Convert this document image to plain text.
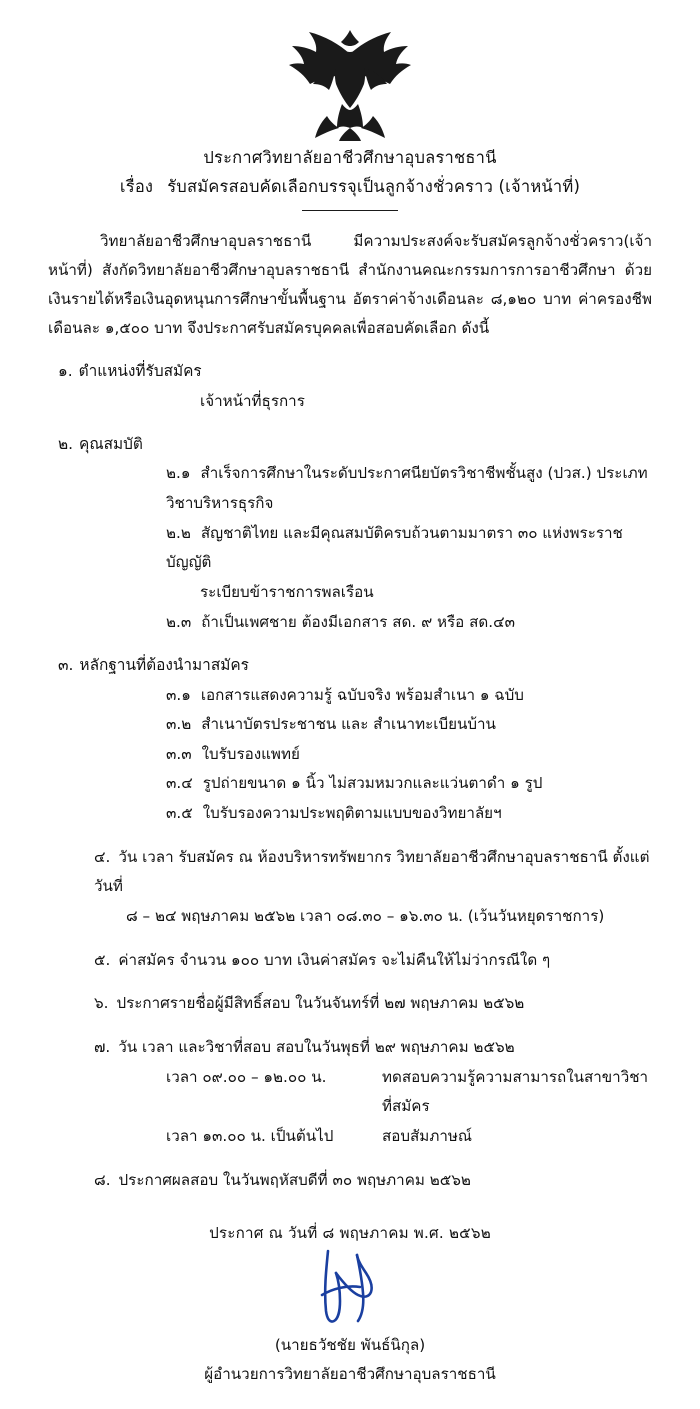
ประกาศวิทยาลัยอาชีวศึกษาอุบลราชธานี
เรื่อง รับสมัครสอบคัดเลือกบรรจุเป็นลูกจ้างชั่วคราว (เจ้าหน้าที่)

วิทยาลัยอาชีวศึกษาอุบลราชธานี มีความประสงค์จะรับสมัครลูกจ้างชั่วคราว(เจ้าหน้าที่) สังกัดวิทยาลัยอาชีวศึกษาอุบลราชธานี สำนักงานคณะกรรมการการอาชีวศึกษา ด้วยเงินรายได้หรือเงินอุดหนุนการศึกษาขั้นพื้นฐาน อัตราค่าจ้างเดือนละ ๘,๑๒๐ บาท ค่าครองชีพเดือนละ ๑,๕๐๐ บาท จึงประกาศรับสมัครบุคคลเพื่อสอบคัดเลือก ดังนี้

๑. ตำแหน่งที่รับสมัคร
เจ้าหน้าที่ธุรการ
๒. คุณสมบัติ
๒.๑ สำเร็จการศึกษาในระดับประกาศนียบัตรวิชาชีพชั้นสูง (ปวส.) ประเภทวิชาบริหารธุรกิจ
๒.๒ สัญชาติไทย และมีคุณสมบัติครบถ้วนตามมาตรา ๓๐ แห่งพระราชบัญญัติ
ระเบียบข้าราชการพลเรือน
๒.๓ ถ้าเป็นเพศชาย ต้องมีเอกสาร สด. ๙ หรือ สด.๔๓
๓. หลักฐานที่ต้องนำมาสมัคร
๓.๑ เอกสารแสดงความรู้ ฉบับจริง พร้อมสำเนา ๑ ฉบับ
๓.๒ สำเนาบัตรประชาชน และ สำเนาทะเบียนบ้าน
๓.๓ ใบรับรองแพทย์
๓.๔ รูปถ่ายขนาด ๑ นิ้ว ไม่สวมหมวกและแว่นตาดำ ๑ รูป
๓.๕ ใบรับรองความประพฤติตามแบบของวิทยาลัยฯ
๔. วัน เวลา รับสมัคร ณ ห้องบริหารทรัพยากร วิทยาลัยอาชีวศึกษาอุบลราชธานี ตั้งแต่วันที่
๘ – ๒๔ พฤษภาคม ๒๕๖๒ เวลา ๐๘.๓๐ – ๑๖.๓๐ น. (เว้นวันหยุดราชการ)
๕. ค่าสมัคร จำนวน ๑๐๐ บาท เงินค่าสมัคร จะไม่คืนให้ไม่ว่ากรณีใด ๆ
๖. ประกาศรายชื่อผู้มีสิทธิ์สอบ ในวันจันทร์ที่ ๒๗ พฤษภาคม ๒๕๖๒
๗. วัน เวลา และวิชาที่สอบ สอบในวันพุธที่ ๒๙ พฤษภาคม ๒๕๖๒
เวลา ๐๙.๐๐ – ๑๒.๐๐ น.	ทดสอบความรู้ความสามารถในสาขาวิชาที่สมัคร
เวลา ๑๓.๐๐ น. เป็นต้นไป	สอบสัมภาษณ์
๘. ประกาศผลสอบ ในวันพฤหัสบดีที่ ๓๐ พฤษภาคม ๒๕๖๒
ประกาศ ณ วันที่ ๘ พฤษภาคม พ.ศ. ๒๕๖๒
(นายธวัชชัย พันธ์นิกุล)
ผู้อำนวยการวิทยาลัยอาชีวศึกษาอุบลราชธานี
